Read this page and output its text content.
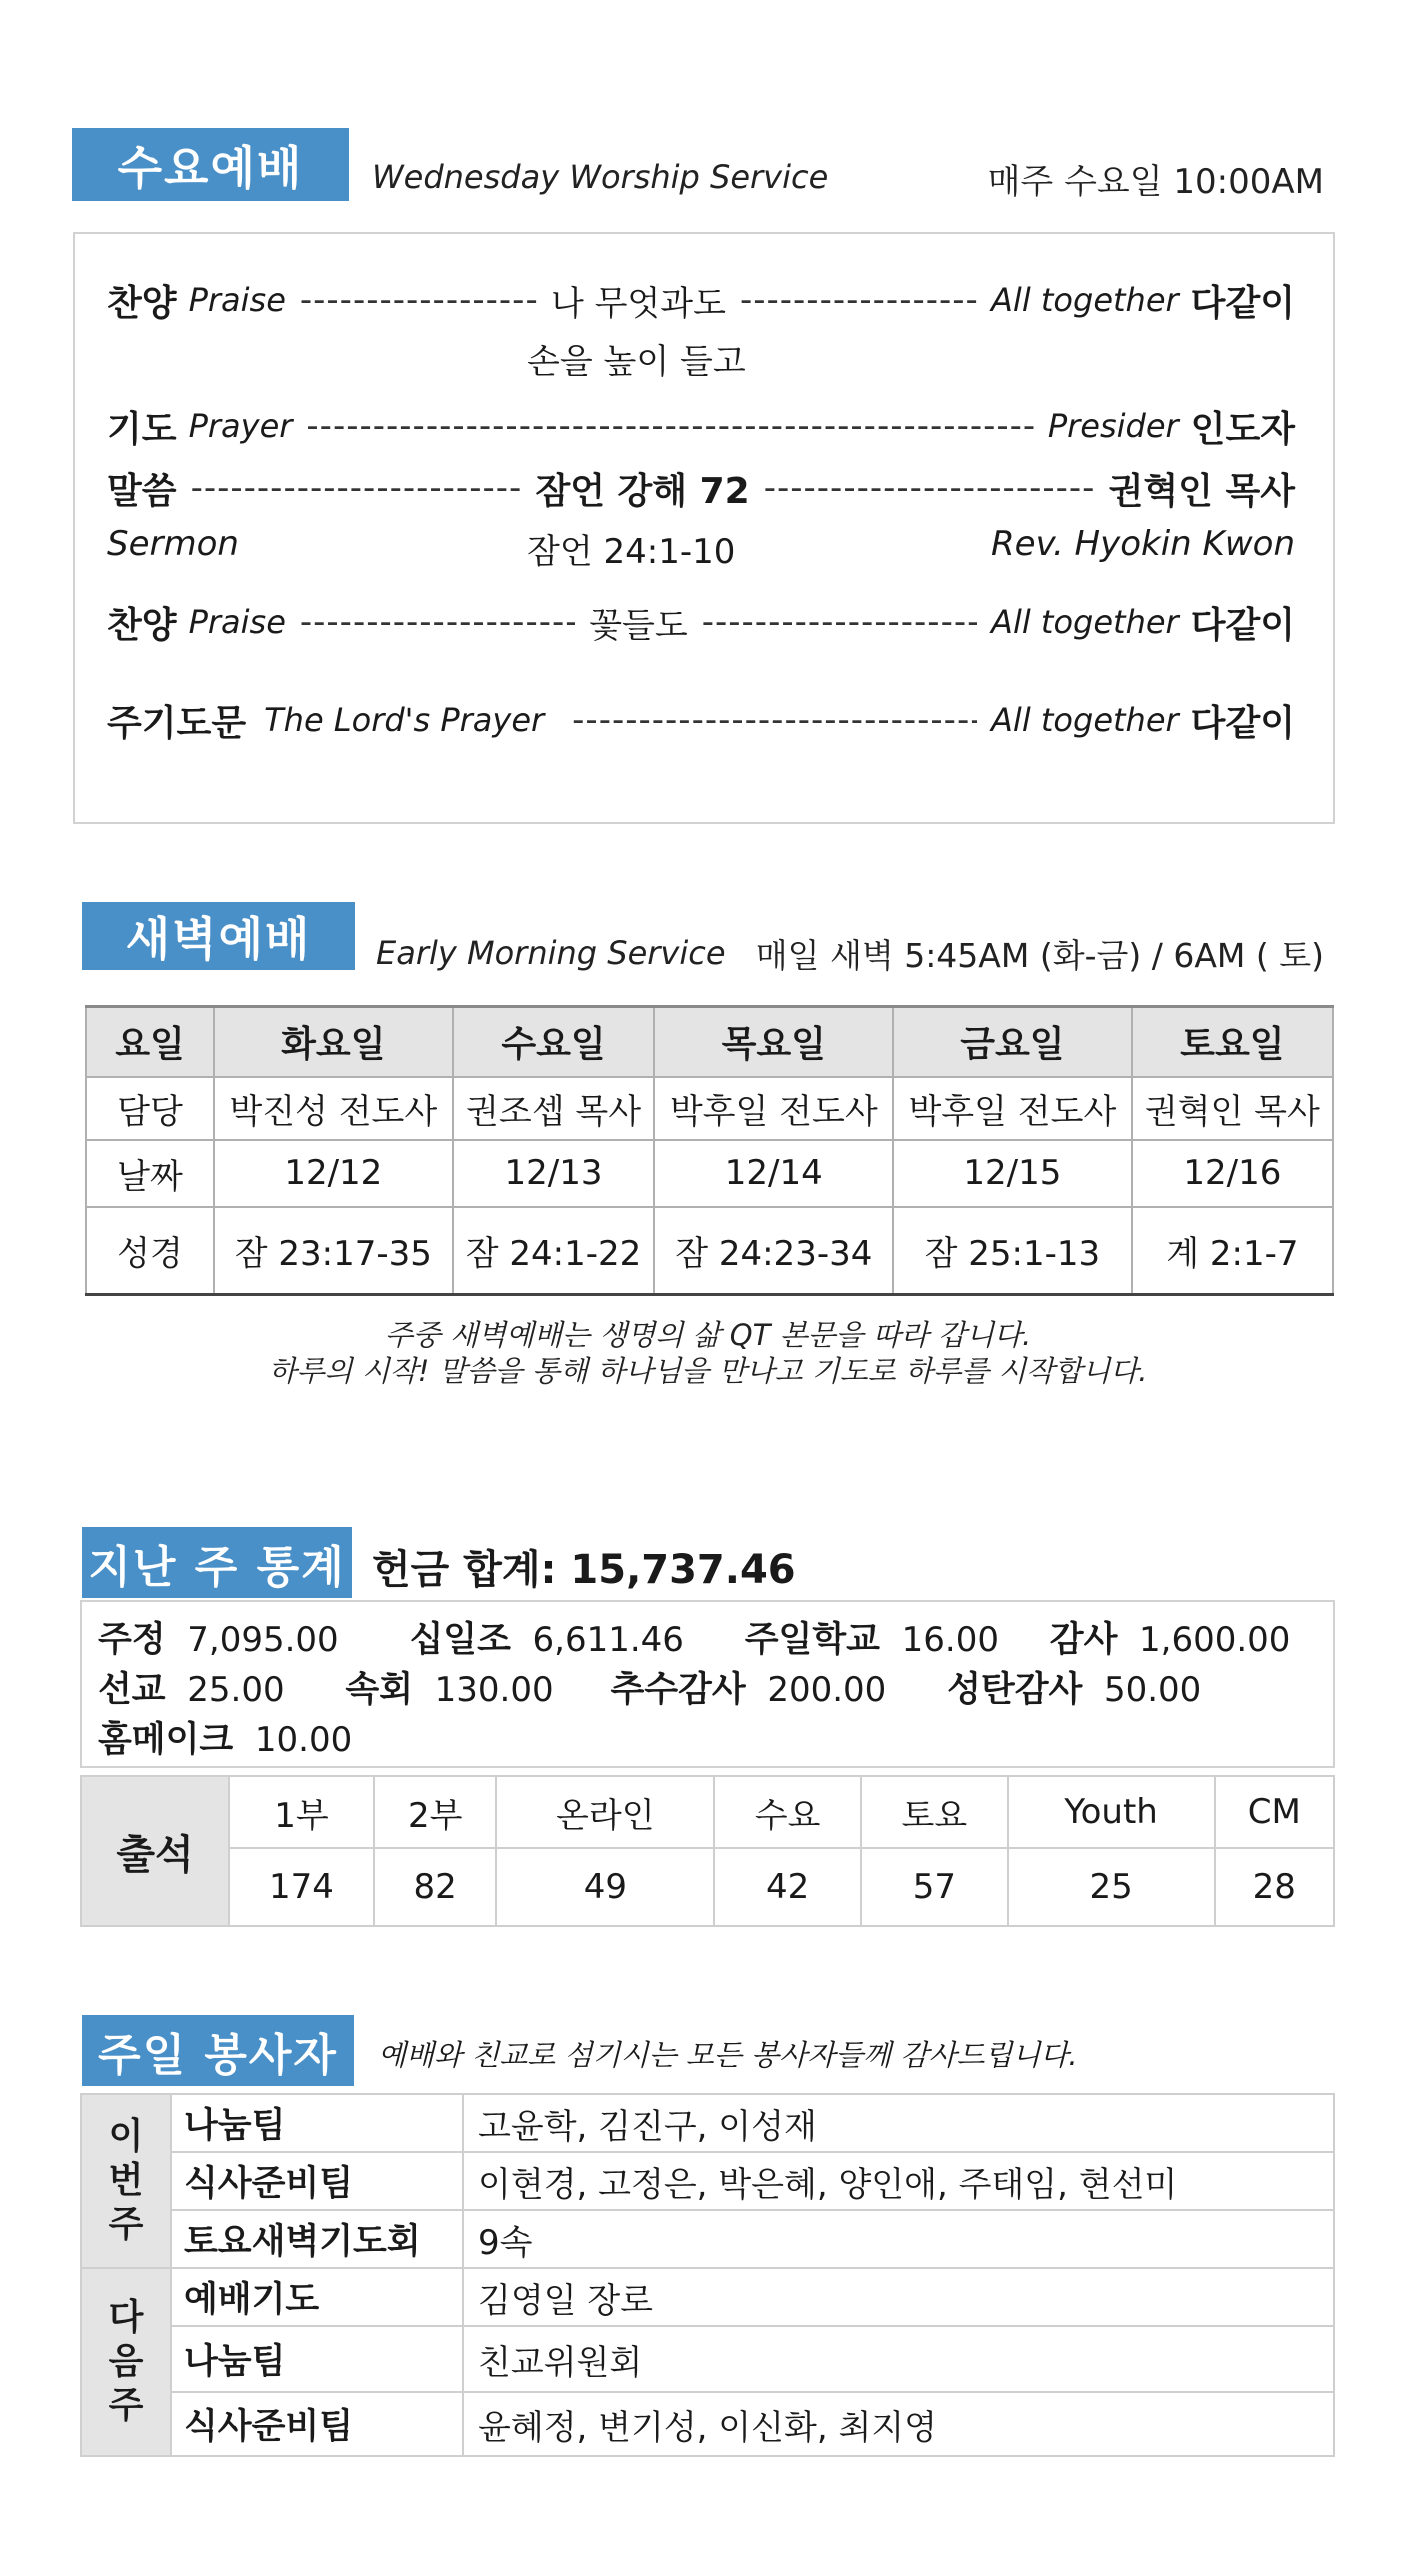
수요예배	Wednesday Worship Service	매주 수요일 10:00AM
찬양 Praise -----	나 무엇과도 -----	All together 다같이
손을 높이 들고
기도 Prayer -----	Presider 인도자
말씀 -----	잠언 강해 72 -----	권혁인 목사
Sermon	잠언 24:1-10	Rev. Hyokin Kwon
찬양 Praise -----	꽃들도 -----	All together 다같이
주기도문 The Lord's Prayer -----	All together 다같이
새벽예배	Early Morning Service 매일 새벽 5:45AM (화-금) / 6AM ( 토)
요일	화요일	수요일	목요일	금요일	토요일
담당	박진성 전도사	권조셉 목사	박후일 전도사	박후일 전도사	권혁인 목사
날짜	12/12	12/13	12/14	12/15	12/16
성경	잠 23:17-35	잠 24:1-22	잠 24:23-34	잠 25:1-13	계 2:1-7
주중 새벽예배는 생명의 삶 QT 본문을 따라 갑니다.
하루의 시작! 말씀을 통해 하나님을 만나고 기도로 하루를 시작합니다.
지난 주 통계 헌금 합계: 15,737.46
주정 7,095.00 십일조 6,611.46 주일학교 16.00 감사 1,600.00
선교 25.00 속회 130.00 추수감사 200.00 성탄감사 50.00
홈메이크 10.00
출석	1부	2부	온라인	수요	토요	Youth	CM
	174	82	49	42	57	25	28
주일 봉사자	예배와 친교로 섬기시는 모든 봉사자들께 감사드립니다.
이
번
주	나눔팀	고윤학, 김진구, 이성재
	식사준비팀	이현경, 고정은, 박은혜, 양인애, 주태임, 현선미
	토요새벽기도회	9속

다
음
주	예배기도	김영일 장로
	나눔팀	친교위원회
	식사준비팀	윤혜정, 변기성, 이신화, 최지영
